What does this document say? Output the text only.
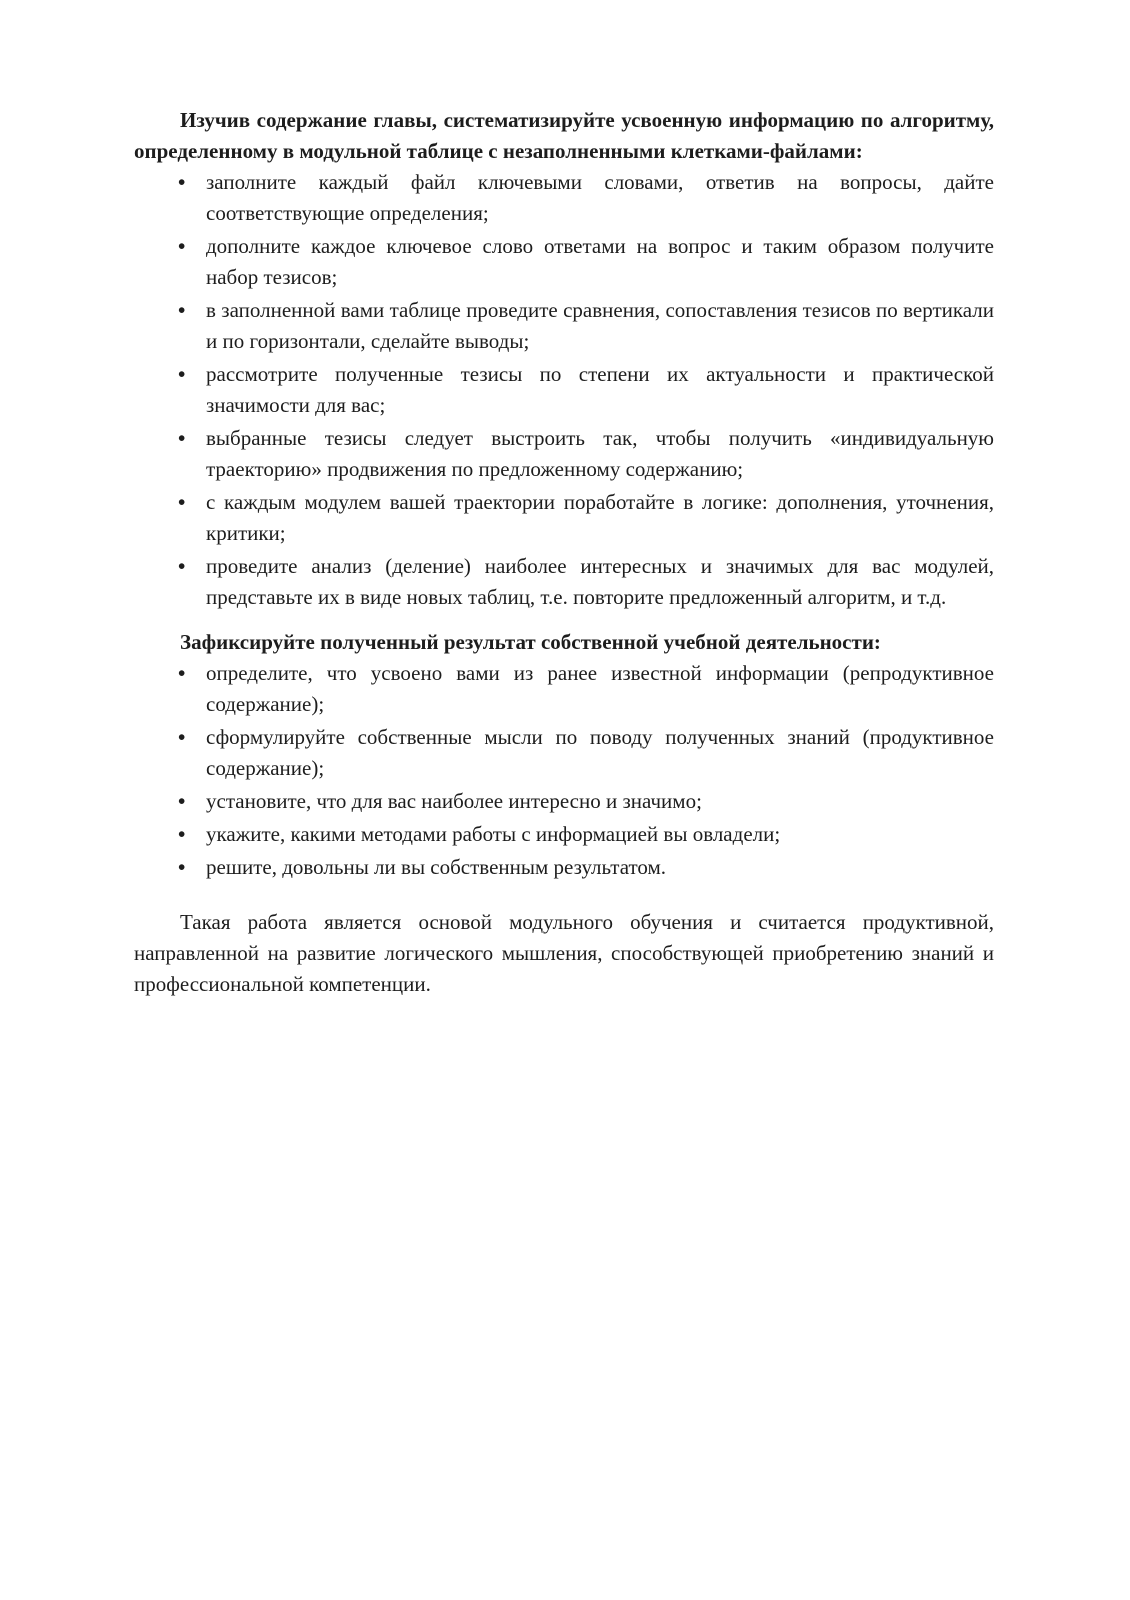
Изучив содержание главы, систематизируйте усвоенную информацию по алгоритму, определенному в модульной таблице с незаполненными клетками-файлами:

• заполните каждый файл ключевыми словами, ответив на вопросы, дайте соответствующие определения;
• дополните каждое ключевое слово ответами на вопрос и таким образом получите набор тезисов;
• в заполненной вами таблице проведите сравнения, сопоставления тезисов по вертикали и по горизонтали, сделайте выводы;
• рассмотрите полученные тезисы по степени их актуальности и практической значимости для вас;
• выбранные тезисы следует выстроить так, чтобы получить «индивидуальную траекторию» продвижения по предложенному содержанию;
• с каждым модулем вашей траектории поработайте в логике: дополнения, уточнения, критики;
• проведите анализ (деление) наиболее интересных и значимых для вас модулей, представьте их в виде новых таблиц, т.е. повторите предложенный алгоритм, и т.д.

Зафиксируйте полученный результат собственной учебной деятельности:

• определите, что усвоено вами из ранее известной информации (репродуктивное содержание);
• сформулируйте собственные мысли по поводу полученных знаний (продуктивное содержание);
• установите, что для вас наиболее интересно и значимо;
• укажите, какими методами работы с информацией вы овладели;
• решите, довольны ли вы собственным результатом.

Такая работа является основой модульного обучения и считается продуктивной, направленной на развитие логического мышления, способствующей приобретению знаний и профессиональной компетенции.
